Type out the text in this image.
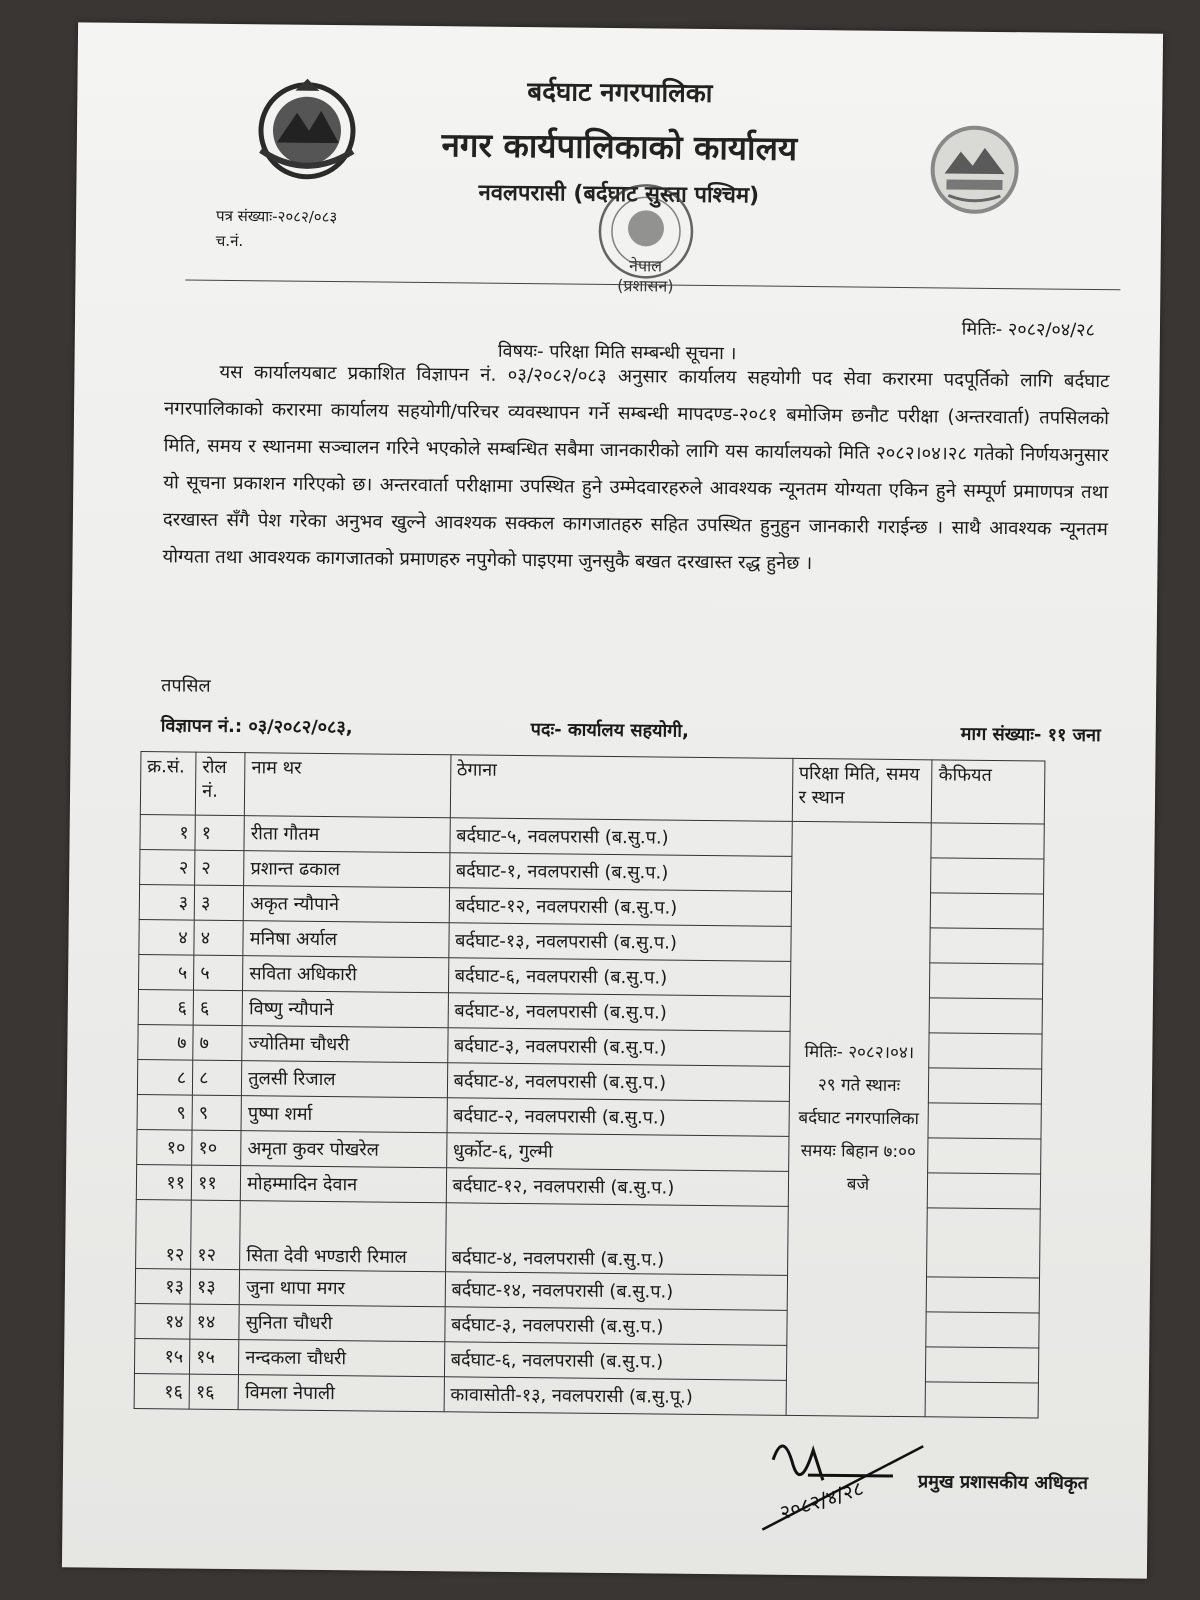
बर्दघाट नगरपालिका
नगर कार्यपालिकाको कार्यालय
नवलपरासी (बर्दघाट सुस्ता पश्चिम)
नेपाल
(प्रशासन)
पत्र संख्याः-२०८२/०८३
च.नं.
मितिः- २०८२/०४/२८
विषयः- परिक्षा मिति सम्बन्धी सूचना ।
यस कार्यालयबाट प्रकाशित विज्ञापन नं. ०३/२०८२/०८३ अनुसार कार्यालय सहयोगी पद सेवा करारमा पदपूर्तिको लागि बर्दघाट नगरपालिकाको करारमा कार्यालय सहयोगी/परिचर व्यवस्थापन गर्ने सम्बन्धी मापदण्ड-२०८१ बमोजिम छनौट परीक्षा (अन्तरवार्ता) तपसिलको मिति, समय र स्थानमा सञ्चालन गरिने भएकोले सम्बन्धित सबैमा जानकारीको लागि यस कार्यालयको मिति २०८२।०४।२८ गतेको निर्णयअनुसार यो सूचना प्रकाशन गरिएको छ। अन्तरवार्ता परीक्षामा उपस्थित हुने उम्मेदवारहरुले आवश्यक न्यूनतम योग्यता एकिन हुने सम्पूर्ण प्रमाणपत्र तथा दरखास्त सँगै पेश गरेका अनुभव खुल्ने आवश्यक सक्कल कागजातहरु सहित उपस्थित हुनुहुन जानकारी गराईन्छ । साथै आवश्यक न्यूनतम योग्यता तथा आवश्यक कागजातको प्रमाणहरु नपुगेको पाइएमा जुनसुकै बखत दरखास्त रद्ध हुनेछ ।
तपसिल
विज्ञापन नं.: ०३/२०८२/०८३,	पदः- कार्यालय सहयोगी,	माग संख्याः- ११ जना
क्र.सं.	रोल नं.	नाम थर	ठेगाना	परिक्षा मिति, समय र स्थान	कैफियत
१	१	रीता गौतम	बर्दघाट-५, नवलपरासी (ब.सु.प.)	मितिः- २०८२।०४। २९ गते स्थानः बर्दघाट नगरपालिका समयः बिहान ७:०० बजे	
२	२	प्रशान्त ढकाल	बर्दघाट-१, नवलपरासी (ब.सु.प.)		
३	३	अकृत न्यौपाने	बर्दघाट-१२, नवलपरासी (ब.सु.प.)		
४	४	मनिषा अर्याल	बर्दघाट-१३, नवलपरासी (ब.सु.प.)		
५	५	सविता अधिकारी	बर्दघाट-६, नवलपरासी (ब.सु.प.)		
६	६	विष्णु न्यौपाने	बर्दघाट-४, नवलपरासी (ब.सु.प.)		
७	७	ज्योतिमा चौधरी	बर्दघाट-३, नवलपरासी (ब.सु.प.)		
८	८	तुलसी रिजाल	बर्दघाट-४, नवलपरासी (ब.सु.प.)		
९	९	पुष्पा शर्मा	बर्दघाट-२, नवलपरासी (ब.सु.प.)		
१०	१०	अमृता कुवर पोखरेल	धुर्कोट-६, गुल्मी		
११	११	मोहम्मादिन देवान	बर्दघाट-१२, नवलपरासी (ब.सु.प.)		
१२	१२	सिता देवी भण्डारी रिमाल	बर्दघाट-४, नवलपरासी (ब.सु.प.)		
१३	१३	जुना थापा मगर	बर्दघाट-१४, नवलपरासी (ब.सु.प.)		
१४	१४	सुनिता चौधरी	बर्दघाट-३, नवलपरासी (ब.सु.प.)		
१५	१५	नन्दकला चौधरी	बर्दघाट-६, नवलपरासी (ब.सु.प.)		
१६	१६	विमला नेपाली	कावासोती-१३, नवलपरासी (ब.सु.पू.)		
२०८२/४/२८	प्रमुख प्रशासकीय अधिकृत
